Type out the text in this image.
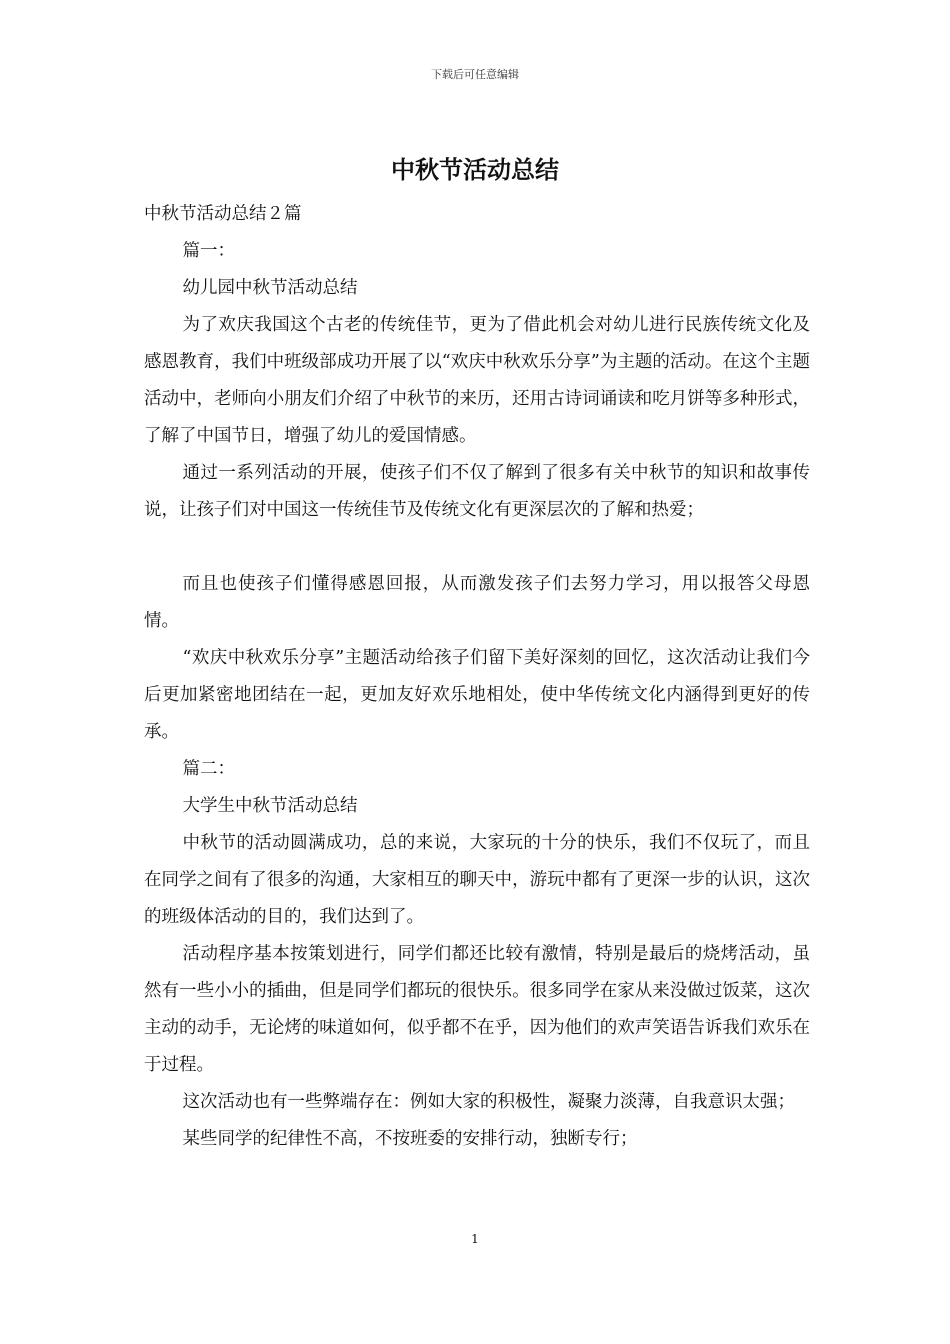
下载后可任意编辑
中秋节活动总结

中秋节活动总结２篇

篇一：

幼儿园中秋节活动总结

为了欢庆我国这个古老的传统佳节，更为了借此机会对幼儿进行民族传统文化及感恩教育，我们中班级部成功开展了以“欢庆中秋欢乐分享”为主题的活动。在这个主题活动中，老师向小朋友们介绍了中秋节的来历，还用古诗词诵读和吃月饼等多种形式，了解了中国节日，增强了幼儿的爱国情感。

通过一系列活动的开展，使孩子们不仅了解到了很多有关中秋节的知识和故事传说，让孩子们对中国这一传统佳节及传统文化有更深层次的了解和热爱；

而且也使孩子们懂得感恩回报，从而激发孩子们去努力学习，用以报答父母恩情。

“欢庆中秋欢乐分享”主题活动给孩子们留下美好深刻的回忆，这次活动让我们今后更加紧密地团结在一起，更加友好欢乐地相处，使中华传统文化内涵得到更好的传承。

篇二：

大学生中秋节活动总结

中秋节的活动圆满成功，总的来说，大家玩的十分的快乐，我们不仅玩了，而且在同学之间有了很多的沟通，大家相互的聊天中，游玩中都有了更深一步的认识，这次的班级体活动的目的，我们达到了。

活动程序基本按策划进行，同学们都还比较有激情，特别是最后的烧烤活动，虽然有一些小小的插曲，但是同学们都玩的很快乐。很多同学在家从来没做过饭菜，这次主动的动手，无论烤的味道如何，似乎都不在乎，因为他们的欢声笑语告诉我们欢乐在于过程。

这次活动也有一些弊端存在：例如大家的积极性，凝聚力淡薄，自我意识太强；

某些同学的纪律性不高，不按班委的安排行动，独断专行；

1
